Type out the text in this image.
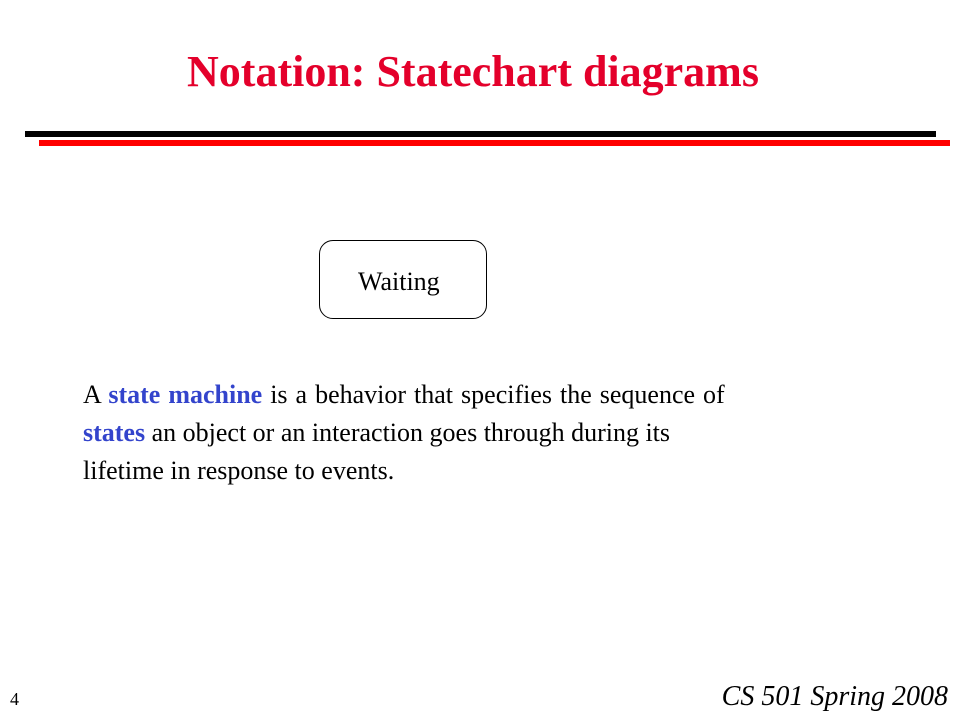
Notation: Statechart diagrams
Waiting

A state machine is a behavior that specifies the sequence of
states an object or an interaction goes through during its
lifetime in response to events.

4	CS 501 Spring 2008
